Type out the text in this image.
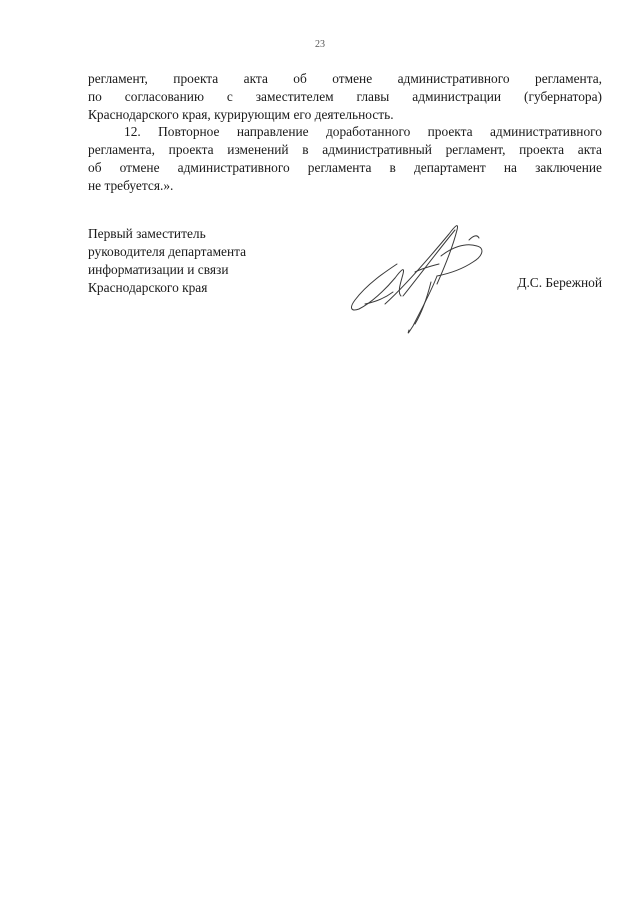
23
регламент, проекта акта об отмене административного регламента,
по согласованию с заместителем главы администрации (губернатора)
Краснодарского края, курирующим его деятельность.
12. Повторное направление доработанного проекта административного
регламента, проекта изменений в административный регламент, проекта акта
об отмене административного регламента в департамент на заключение
не требуется.».
Первый заместитель
руководителя департамента
информатизации и связи
Краснодарского края	Д.С. Бережной
